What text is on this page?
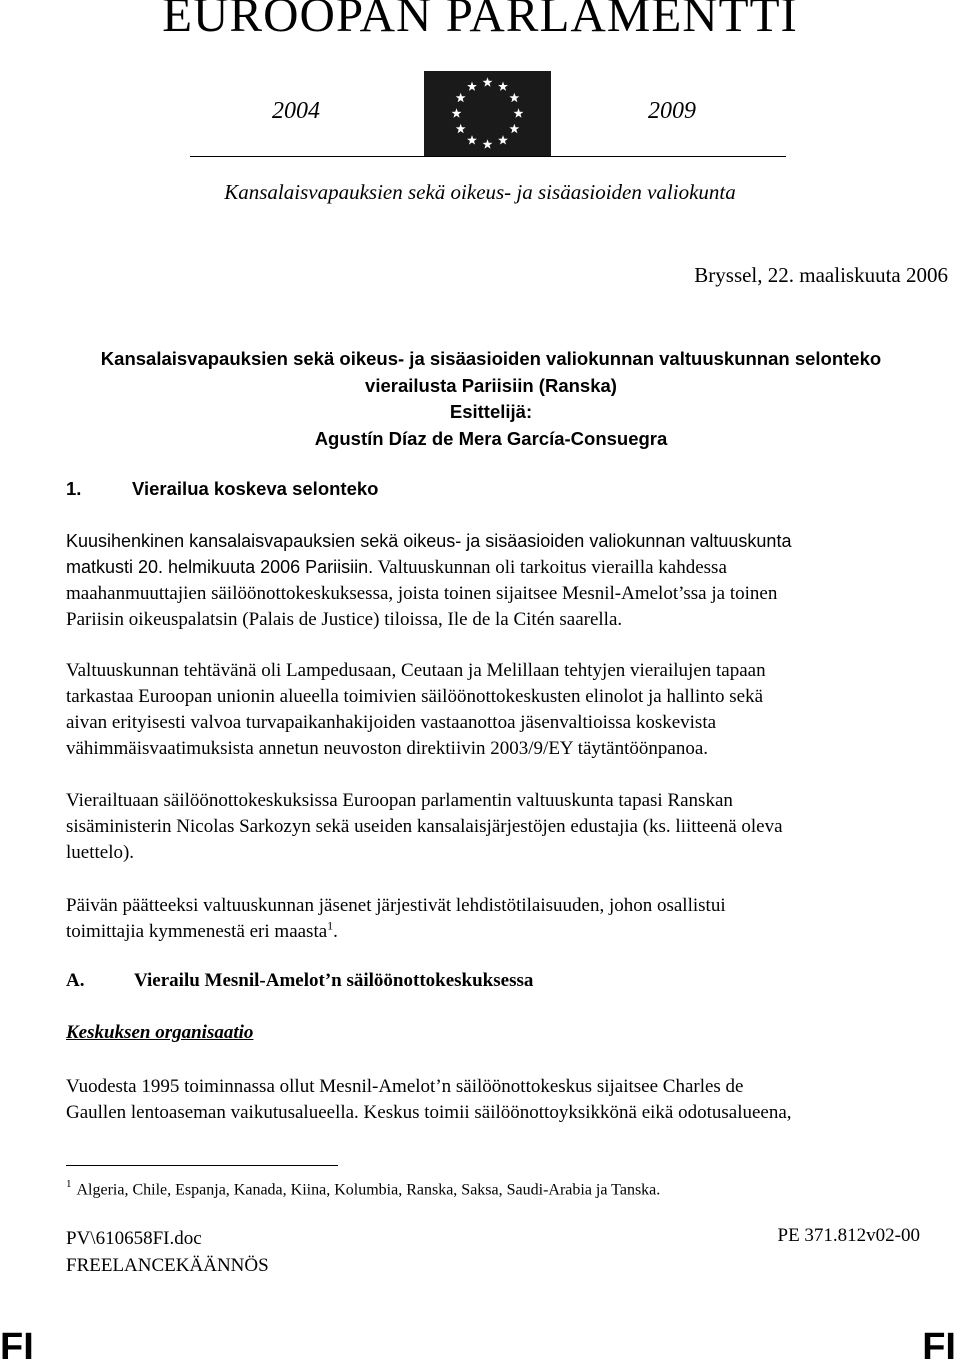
EUROOPAN PARLAMENTTI
2004	2009
Kansalaisvapauksien sekä oikeus- ja sisäasioiden valiokunta
Bryssel, 22. maaliskuuta 2006
Kansalaisvapauksien sekä oikeus- ja sisäasioiden valiokunnan valtuuskunnan selonteko
vierailusta Pariisiin (Ranska)
Esittelijä:
Agustín Díaz de Mera García-Consuegra
1.	Vierailua koskeva selonteko
Kuusihenkinen kansalaisvapauksien sekä oikeus- ja sisäasioiden valiokunnan valtuuskunta
matkusti 20. helmikuuta 2006 Pariisiin. Valtuuskunnan oli tarkoitus vierailla kahdessa
maahanmuuttajien säilöönottokeskuksessa, joista toinen sijaitsee Mesnil-Amelot’ssa ja toinen
Pariisin oikeuspalatsin (Palais de Justice) tiloissa, Ile de la Citén saarella.
Valtuuskunnan tehtävänä oli Lampedusaan, Ceutaan ja Melillaan tehtyjen vierailujen tapaan
tarkastaa Euroopan unionin alueella toimivien säilöönottokeskusten elinolot ja hallinto sekä
aivan erityisesti valvoa turvapaikanhakijoiden vastaanottoa jäsenvaltioissa koskevista
vähimmäisvaatimuksista annetun neuvoston direktiivin 2003/9/EY täytäntöönpanoa.
Vierailtuaan säilöönottokeskuksissa Euroopan parlamentin valtuuskunta tapasi Ranskan
sisäministerin Nicolas Sarkozyn sekä useiden kansalaisjärjestöjen edustajia (ks. liitteenä oleva
luettelo).
Päivän päätteeksi valtuuskunnan jäsenet järjestivät lehdistötilaisuuden, johon osallistui
toimittajia kymmenestä eri maasta$^1$.
A.	Vierailu Mesnil-Amelot’n säilöönottokeskuksessa
Keskuksen organisaatio
Vuodesta 1995 toiminnassa ollut Mesnil-Amelot’n säilöönottokeskus sijaitsee Charles de
Gaullen lentoaseman vaikutusalueella. Keskus toimii säilöönottoyksikkönä eikä odotusalueena,
$^1$ Algeria, Chile, Espanja, Kanada, Kiina, Kolumbia, Ranska, Saksa, Saudi-Arabia ja Tanska.
PV\610658FI.doc
FREELANCEKÄÄNNÖS
PE 371.812v02-00
FI	FI
